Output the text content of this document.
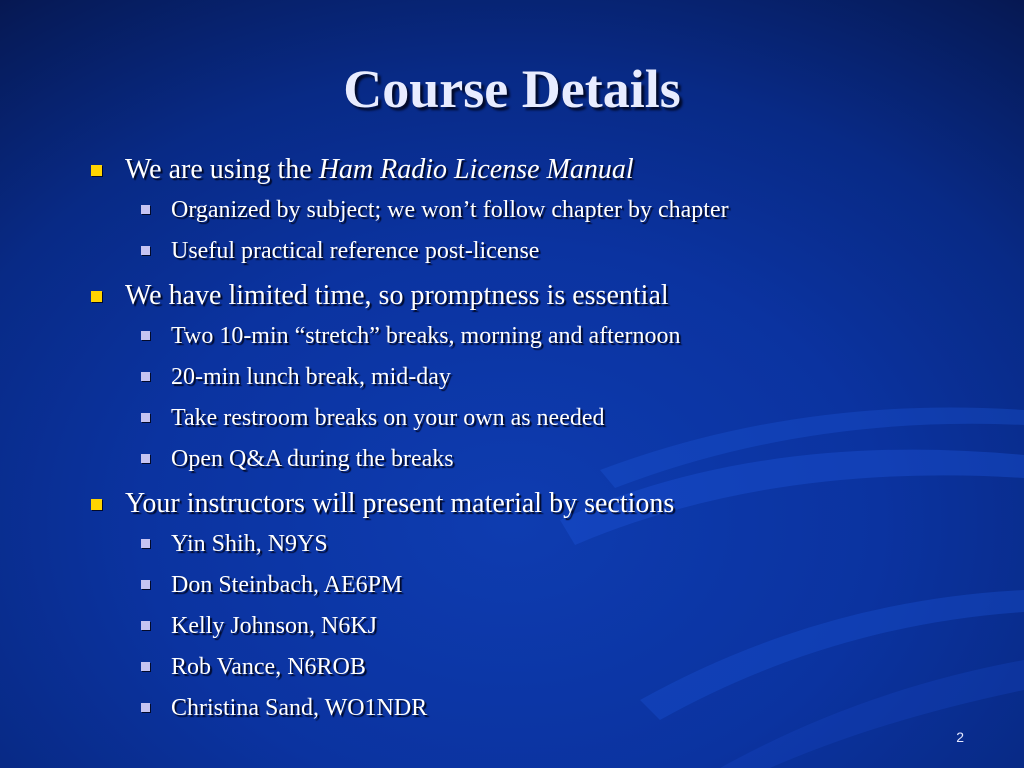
Course Details
We are using the Ham Radio License Manual
Organized by subject; we won’t follow chapter by chapter
Useful practical reference post-license
We have limited time, so promptness is essential
Two 10-min “stretch” breaks, morning and afternoon
20-min lunch break, mid-day
Take restroom breaks on your own as needed
Open Q&A during the breaks
Your instructors will present material by sections
Yin Shih, N9YS
Don Steinbach, AE6PM
Kelly Johnson, N6KJ
Rob Vance, N6ROB
Christina Sand, WO1NDR
2
